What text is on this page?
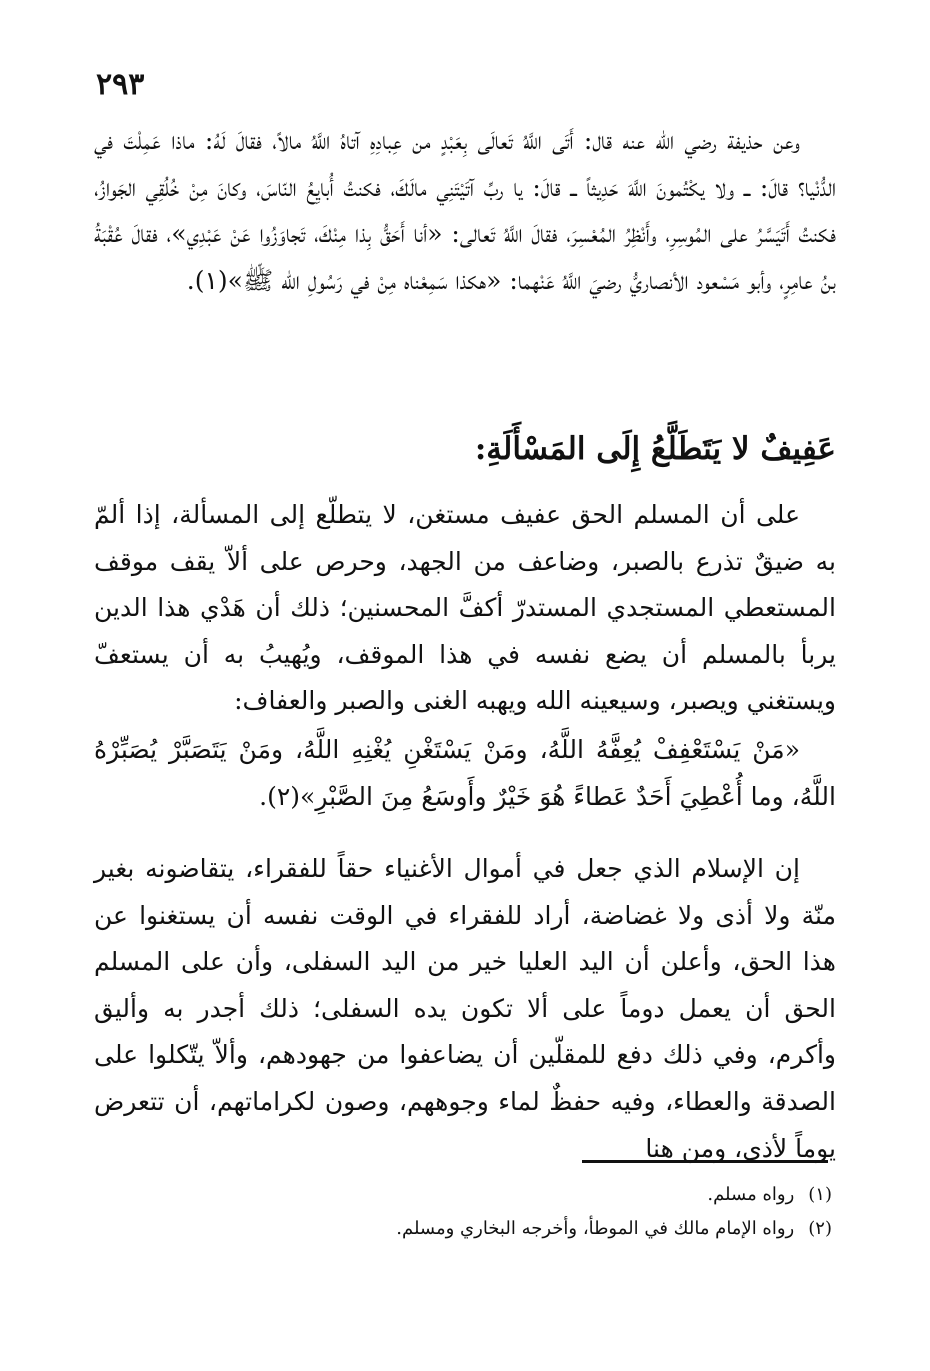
٢٩٣

وعن حذيفة رضي الله عنه قال: أَتَى اللَّهُ تَعالَى بِعَبْدٍ من عِبادِهِ آتاهُ اللَّهُ مالاً، فقالَ لَهُ: ماذا عَمِلْتَ في الدُّنْيا؟ قالَ: ــ ولا يكْتُمونَ اللَّهَ حَدِيثاً ــ قالَ: يا ربِّ آتَيْتَنِي مالَكَ، فكنتُ أُبايِعُ النّاسَ، وكانَ مِنْ خُلُقِي الجَوازُ، فكنتُ أَتَيَسَّرُ على المُوسِرِ، وأَنْظِرُ المُعْسِرَ، فقالَ اللَّهُ تَعالى: «أنا أَحَقُّ بِذا مِنْكَ، تَجاوَزُوا عَنْ عَبْدِي»، فقالَ عُقْبَةُ بنُ عامِرٍ، وأبو مَسْعود الأنصاريُّ رضيَ اللَّهُ عَنْهما: «هكذا سَمِعْناه مِنْ في رَسُولِ الله ﷺ»(١).

عَفِيفٌ لا يَتَطَلَّعُ إِلَى المَسْأَلَةِ:

على أن المسلم الحق عفيف مستغن، لا يتطلّع إلى المسألة، إذا ألمّ به ضيقٌ تذرع بالصبر، وضاعف من الجهد، وحرص على ألاّ يقف موقف المستعطي المستجدي المستدرّ أكفَّ المحسنين؛ ذلك أن هَدْي هذا الدين يربأ بالمسلم أن يضع نفسه في هذا الموقف، ويُهيبُ به أن يستعفّ ويستغني ويصبر، وسيعينه الله ويهبه الغنى والصبر والعفاف:

«مَنْ يَسْتَعْفِفْ يُعِفَّهُ اللَّهُ، ومَنْ يَسْتَغْنِ يُغْنِهِ اللَّهُ، ومَنْ يَتَصَبَّرْ يُصَبِّرْهُ اللَّهُ، وما أُعْطِيَ أَحَدٌ عَطاءً هُوَ خَيْرٌ وأَوسَعُ مِنَ الصَّبْرِ»(٢).

إن الإسلام الذي جعل في أموال الأغنياء حقاً للفقراء، يتقاضونه بغير منّة ولا أذى ولا غضاضة، أراد للفقراء في الوقت نفسه أن يستغنوا عن هذا الحق، وأعلن أن اليد العليا خير من اليد السفلى، وأن على المسلم الحق أن يعمل دوماً على ألا تكون يده السفلى؛ ذلك أجدر به وأليق وأكرم، وفي ذلك دفع للمقلّين أن يضاعفوا من جهودهم، وألاّ يتّكلوا على الصدقة والعطاء، وفيه حفظٌ لماء وجوههم، وصون لكراماتهم، أن تتعرض يوماً لأذى، ومن هنا

(١)رواه مسلم.

(٢)رواه الإمام مالك في الموطأ، وأخرجه البخاري ومسلم.
